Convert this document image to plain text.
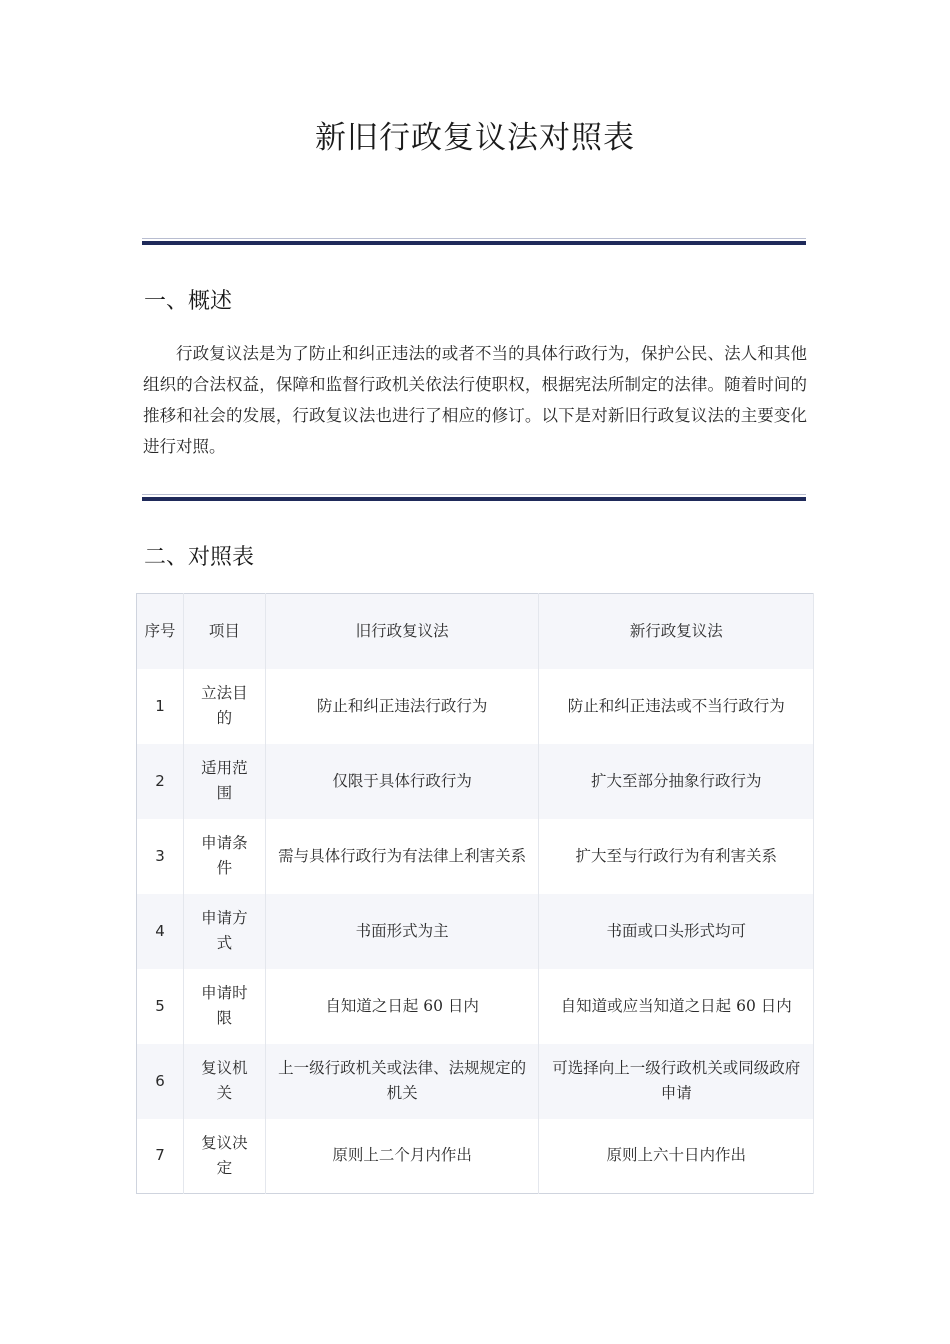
新旧行政复议法对照表
一、概述

行政复议法是为了防止和纠正违法的或者不当的具体行政行为，保护公民、法人和其他组织的合法权益，保障和监督行政机关依法行使职权，根据宪法所制定的法律。随着时间的推移和社会的发展，行政复议法也进行了相应的修订。以下是对新旧行政复议法的主要变化进行对照。

二、对照表
序号	项目	旧行政复议法	新行政复议法
1	立法目的	防止和纠正违法行政行为	防止和纠正违法或不当行政行为
2	适用范围	仅限于具体行政行为	扩大至部分抽象行政行为
3	申请条件	需与具体行政行为有法律上利害关系	扩大至与行政行为有利害关系
4	申请方式	书面形式为主	书面或口头形式均可
5	申请时限	自知道之日起 60 日内	自知道或应当知道之日起 60 日内
6	复议机关	上一级行政机关或法律、法规规定的机关	可选择向上一级行政机关或同级政府申请
7	复议决定	原则上二个月内作出	原则上六十日内作出
